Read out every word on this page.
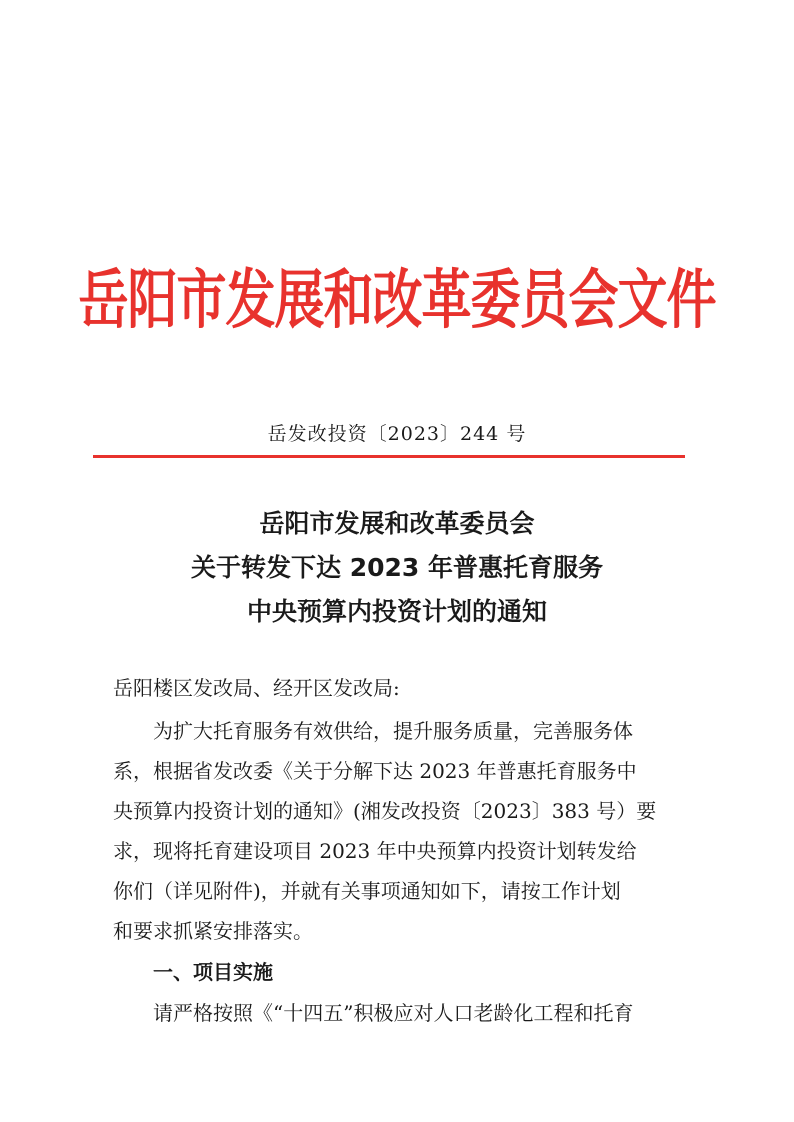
岳阳市发展和改革委员会文件
岳发改投资〔2023〕244 号
岳阳市发展和改革委员会
关于转发下达 2023 年普惠托育服务
中央预算内投资计划的通知
岳阳楼区发改局、经开区发改局:
为扩大托育服务有效供给，提升服务质量，完善服务体
系，根据省发改委《关于分解下达 2023 年普惠托育服务中
央预算内投资计划的通知》(湘发改投资〔2023〕383 号）要
求，现将托育建设项目 2023 年中央预算内投资计划转发给
你们（详见附件)，并就有关事项通知如下，请按工作计划
和要求抓紧安排落实。
一、项目实施
请严格按照《“十四五”积极应对人口老龄化工程和托育
